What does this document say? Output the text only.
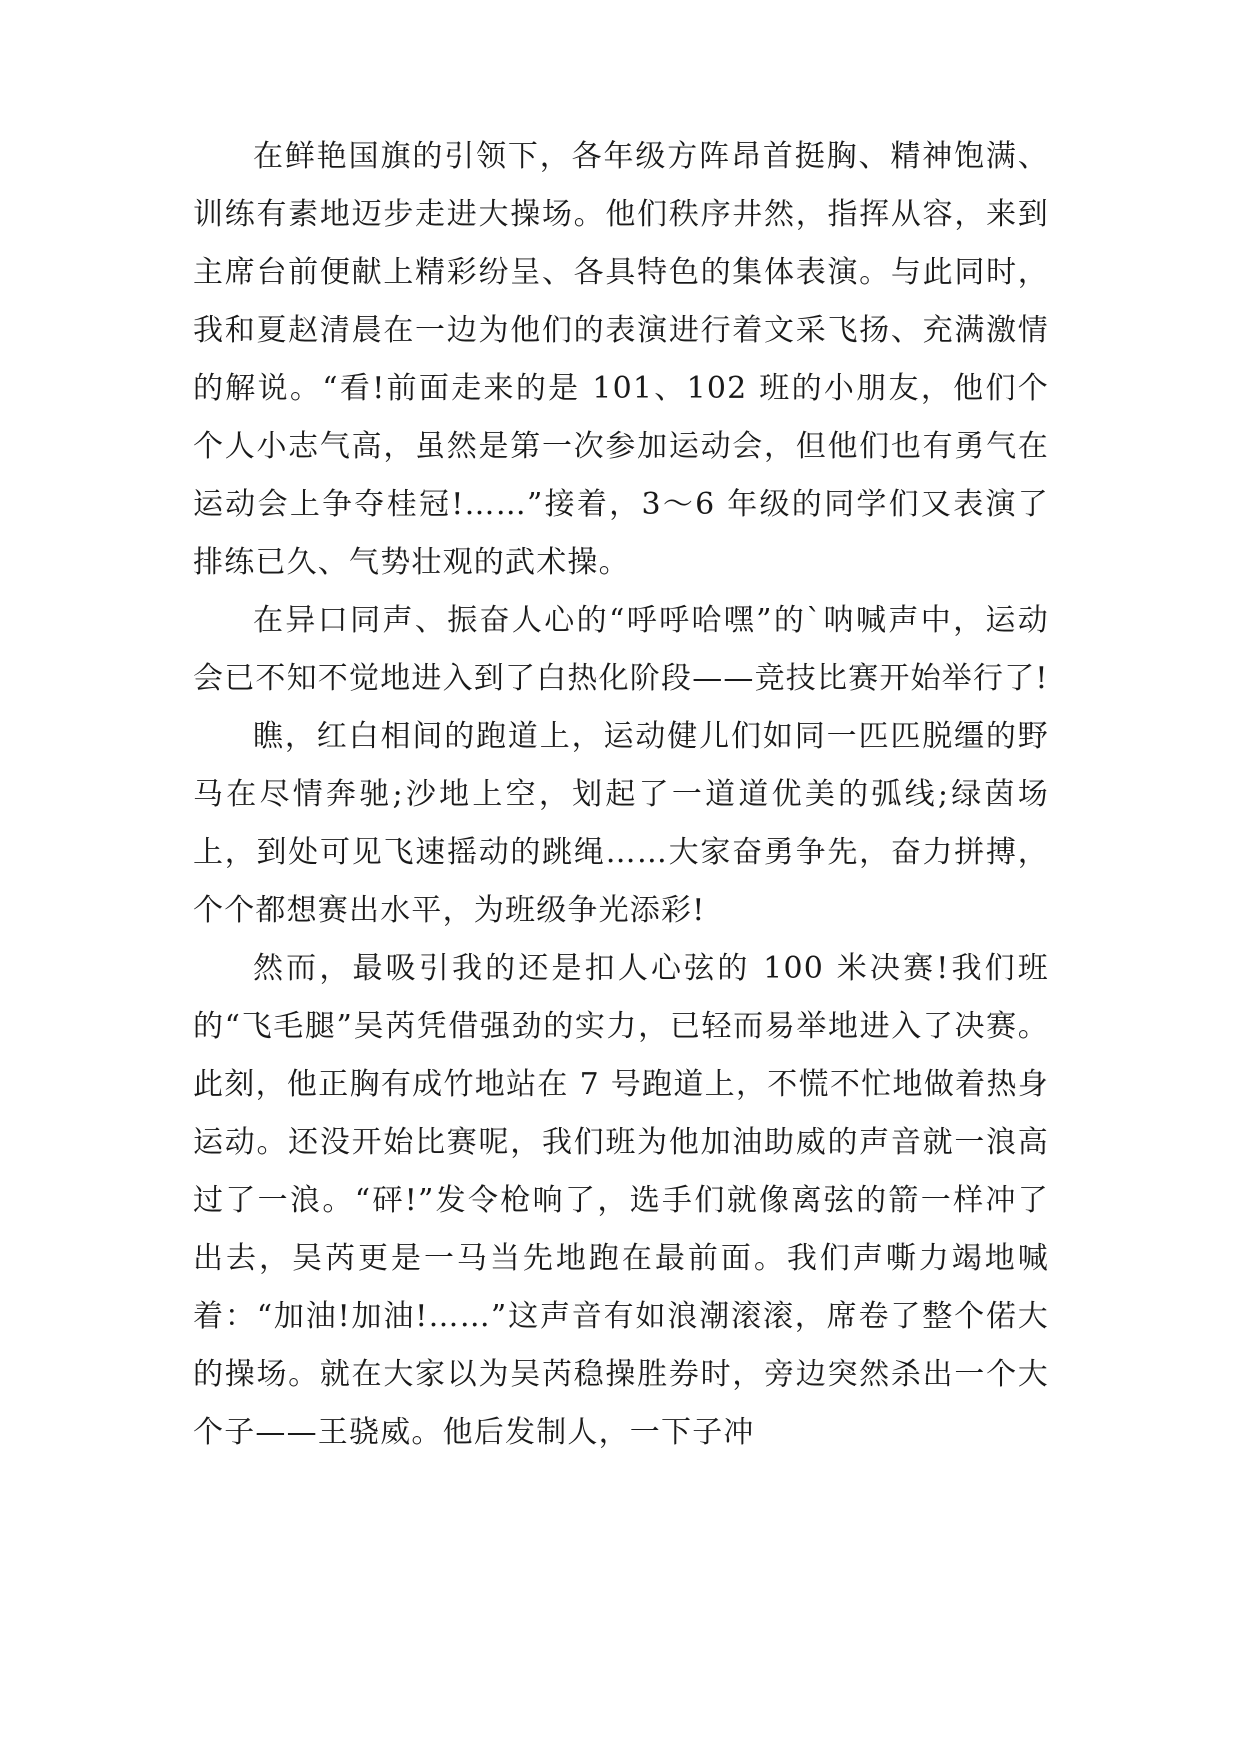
在鲜艳国旗的引领下，各年级方阵昂首挺胸、精神饱满、训练有素地迈步走进大操场。他们秩序井然，指挥从容，来到主席台前便献上精彩纷呈、各具特色的集体表演。与此同时，我和夏赵清晨在一边为他们的表演进行着文采飞扬、充满激情的解说。“看!前面走来的是 101、102 班的小朋友，他们个个人小志气高，虽然是第一次参加运动会，但他们也有勇气在运动会上争夺桂冠!……”接着，3～6 年级的同学们又表演了排练已久、气势壮观的武术操。

在异口同声、振奋人心的“呼呼哈嘿”的`呐喊声中，运动会已不知不觉地进入到了白热化阶段——竞技比赛开始举行了!

瞧，红白相间的跑道上，运动健儿们如同一匹匹脱缰的野马在尽情奔驰;沙地上空，划起了一道道优美的弧线;绿茵场上，到处可见飞速摇动的跳绳……大家奋勇争先，奋力拼搏，个个都想赛出水平，为班级争光添彩!

然而，最吸引我的还是扣人心弦的 100 米决赛!我们班的“飞毛腿”吴芮凭借强劲的实力，已轻而易举地进入了决赛。此刻，他正胸有成竹地站在 7 号跑道上，不慌不忙地做着热身运动。还没开始比赛呢，我们班为他加油助威的声音就一浪高过了一浪。“砰!”发令枪响了，选手们就像离弦的箭一样冲了出去，吴芮更是一马当先地跑在最前面。我们声嘶力竭地喊着：“加油!加油!……”这声音有如浪潮滚滚，席卷了整个偌大的操场。就在大家以为吴芮稳操胜券时，旁边突然杀出一个大个子——王骁威。他后发制人，一下子冲
